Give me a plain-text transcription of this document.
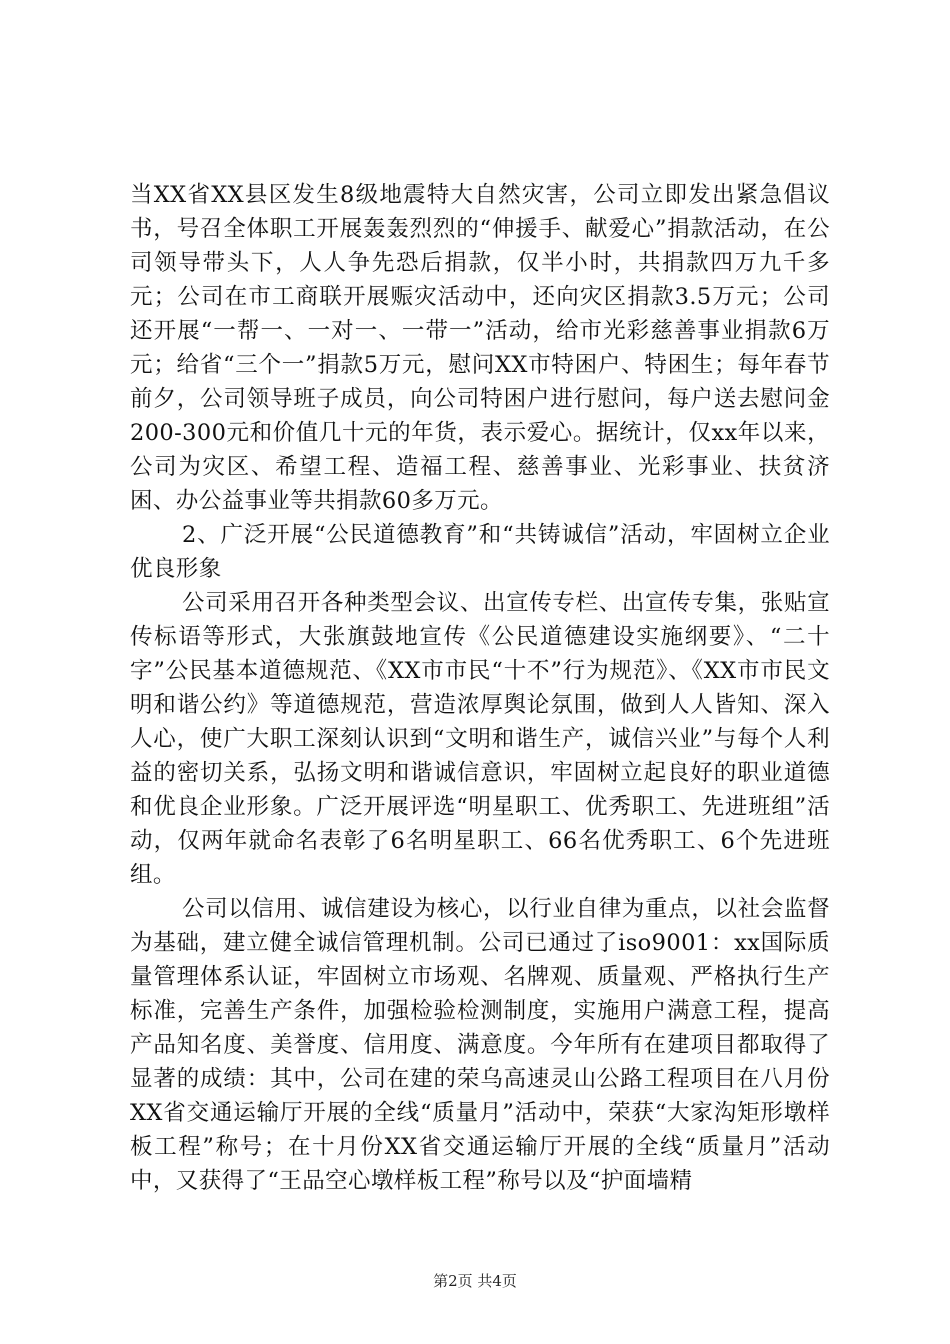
当XX省XX县区发生8级地震特大自然灾害，公司立即发出紧急倡议书，号召全体职工开展轰轰烈烈的“伸援手、献爱心”捐款活动，在公司领导带头下，人人争先恐后捐款，仅半小时，共捐款四万九千多元；公司在市工商联开展赈灾活动中，还向灾区捐款3.5万元；公司还开展“一帮一、一对一、一带一”活动，给市光彩慈善事业捐款6万元；给省“三个一”捐款5万元，慰问XX市特困户、特困生；每年春节前夕，公司领导班子成员，向公司特困户进行慰问，每户送去慰问金200-300元和价值几十元的年货，表示爱心。据统计，仅xx年以来，公司为灾区、希望工程、造福工程、慈善事业、光彩事业、扶贫济困、办公益事业等共捐款60多万元。

2、广泛开展“公民道德教育”和“共铸诚信”活动，牢固树立企业优良形象

公司采用召开各种类型会议、出宣传专栏、出宣传专集，张贴宣传标语等形式，大张旗鼓地宣传《公民道德建设实施纲要》、“二十字”公民基本道德规范、《XX市市民“十不”行为规范》、《XX市市民文明和谐公约》等道德规范，营造浓厚舆论氛围，做到人人皆知、深入人心，使广大职工深刻认识到“文明和谐生产，诚信兴业”与每个人利益的密切关系，弘扬文明和谐诚信意识，牢固树立起良好的职业道德和优良企业形象。广泛开展评选“明星职工、优秀职工、先进班组”活动，仅两年就命名表彰了6名明星职工、66名优秀职工、6个先进班组。

公司以信用、诚信建设为核心，以行业自律为重点，以社会监督为基础，建立健全诚信管理机制。公司已通过了iso9001：xx国际质量管理体系认证，牢固树立市场观、名牌观、质量观、严格执行生产标准，完善生产条件，加强检验检测制度，实施用户满意工程，提高产品知名度、美誉度、信用度、满意度。今年所有在建项目都取得了显著的成绩：其中，公司在建的荣乌高速灵山公路工程项目在八月份XX省交通运输厅开展的全线“质量月”活动中，荣获“大家沟矩形墩样板工程”称号；在十月份XX省交通运输厅开展的全线“质量月”活动中，又获得了“王品空心墩样板工程”称号以及“护面墙精

第2页 共4页
